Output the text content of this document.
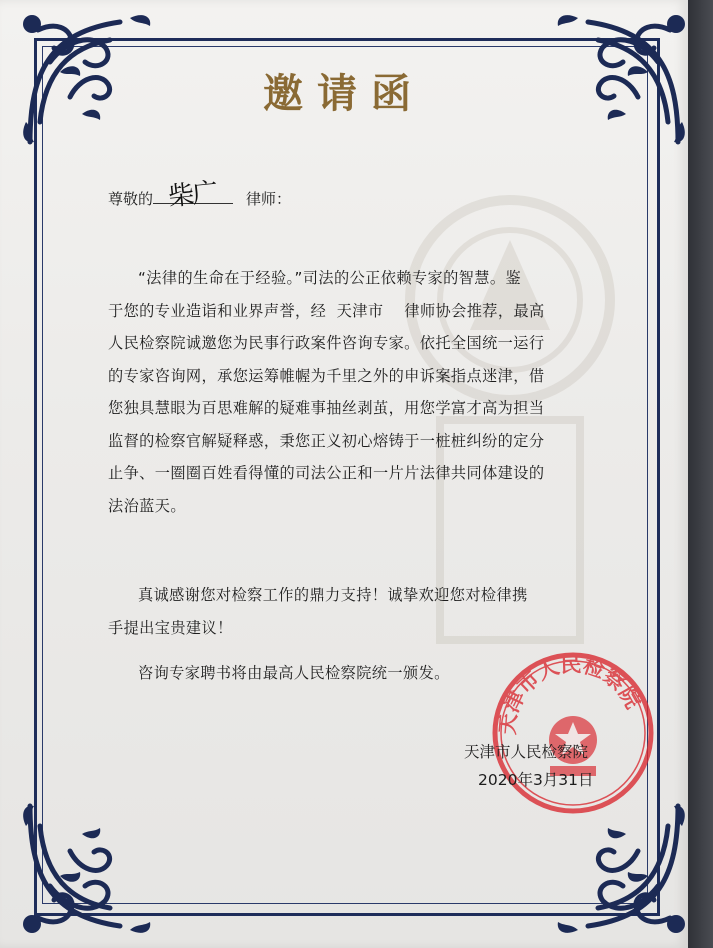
邀请函
尊敬的 柴广 律师：
“法律的生命在于经验。”司法的公正依赖专家的智慧。鉴
于您的专业造诣和业界声誉，经  天津市    律师协会推荐，最高
人民检察院诚邀您为民事行政案件咨询专家。依托全国统一运行
的专家咨询网，承您运筹帷幄为千里之外的申诉案指点迷津，借
您独具慧眼为百思难解的疑难事抽丝剥茧，用您学富才高为担当
监督的检察官解疑释惑，秉您正义初心熔铸于一桩桩纠纷的定分
止争、一圈圈百姓看得懂的司法公正和一片片法律共同体建设的
法治蓝天。
真诚感谢您对检察工作的鼎力支持！诚挚欢迎您对检律携
手提出宝贵建议！
咨询专家聘书将由最高人民检察院统一颁发。
天津市人民检察院
天津市人民检察院
2020年3月31日
